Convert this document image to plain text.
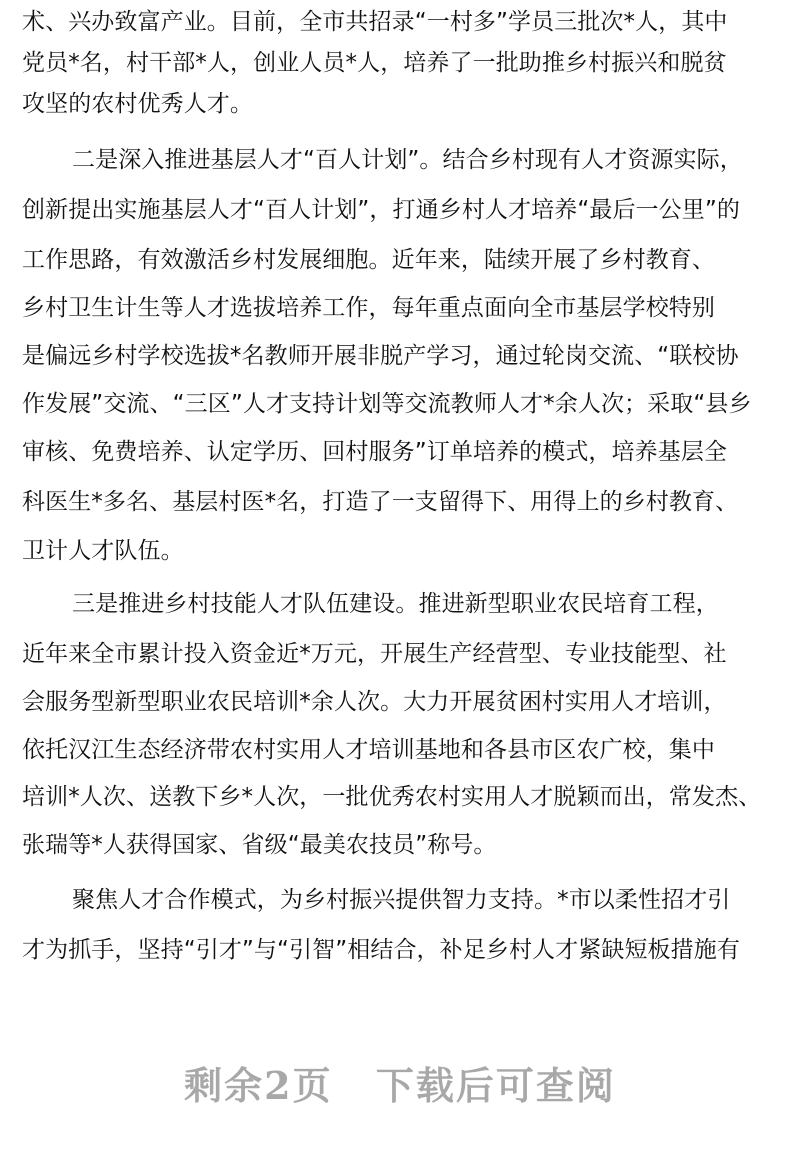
术、兴办致富产业。目前，全市共招录“一村多”学员三批次*人，其中
党员*名，村干部*人，创业人员*人，培养了一批助推乡村振兴和脱贫
攻坚的农村优秀人才。
二是深入推进基层人才“百人计划”。结合乡村现有人才资源实际，
创新提出实施基层人才“百人计划”，打通乡村人才培养“最后一公里”的
工作思路，有效激活乡村发展细胞。近年来，陆续开展了乡村教育、
乡村卫生计生等人才选拔培养工作，每年重点面向全市基层学校特别
是偏远乡村学校选拔*名教师开展非脱产学习，通过轮岗交流、“联校协
作发展”交流、“三区”人才支持计划等交流教师人才*余人次；采取“县乡
审核、免费培养、认定学历、回村服务”订单培养的模式，培养基层全
科医生*多名、基层村医*名，打造了一支留得下、用得上的乡村教育、
卫计人才队伍。
三是推进乡村技能人才队伍建设。推进新型职业农民培育工程，
近年来全市累计投入资金近*万元，开展生产经营型、专业技能型、社
会服务型新型职业农民培训*余人次。大力开展贫困村实用人才培训，
依托汉江生态经济带农村实用人才培训基地和各县市区农广校，集中
培训*人次、送教下乡*人次，一批优秀农村实用人才脱颖而出，常发杰、
张瑞等*人获得国家、省级“最美农技员”称号。
聚焦人才合作模式，为乡村振兴提供智力支持。*市以柔性招才引
才为抓手，坚持“引才”与“引智”相结合，补足乡村人才紧缺短板措施有
剩余2页 下载后可查阅
